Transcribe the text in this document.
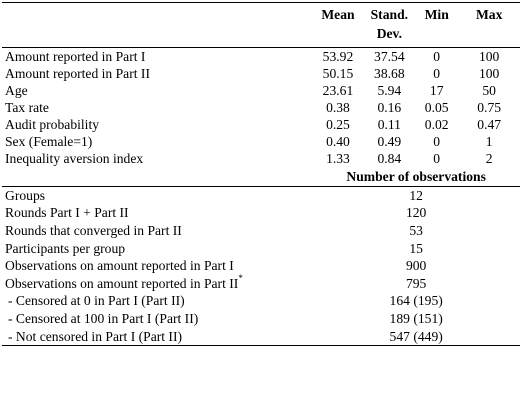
	Mean	Stand.	Min	Max
		Dev.		
Amount reported in Part I	53.92	37.54	0	100
Amount reported in Part II	50.15	38.68	0	100
Age	23.61	5.94	17	50
Tax rate	0.38	0.16	0.05	0.75
Audit probability	0.25	0.11	0.02	0.47
Sex (Female=1)	0.40	0.49	0	1
Inequality aversion index	1.33	0.84	0	2
	Number of observations			
Groups	12			
Rounds Part I + Part II	120			
Rounds that converged in Part II	53			
Participants per group	15			
Observations on amount reported in Part I	900			
Observations on amount reported in Part II*	795			
- Censored at 0 in Part I (Part II)	164 (195)			
- Censored at 100 in Part I (Part II)	189 (151)			
- Not censored in Part I (Part II)	547 (449)			
